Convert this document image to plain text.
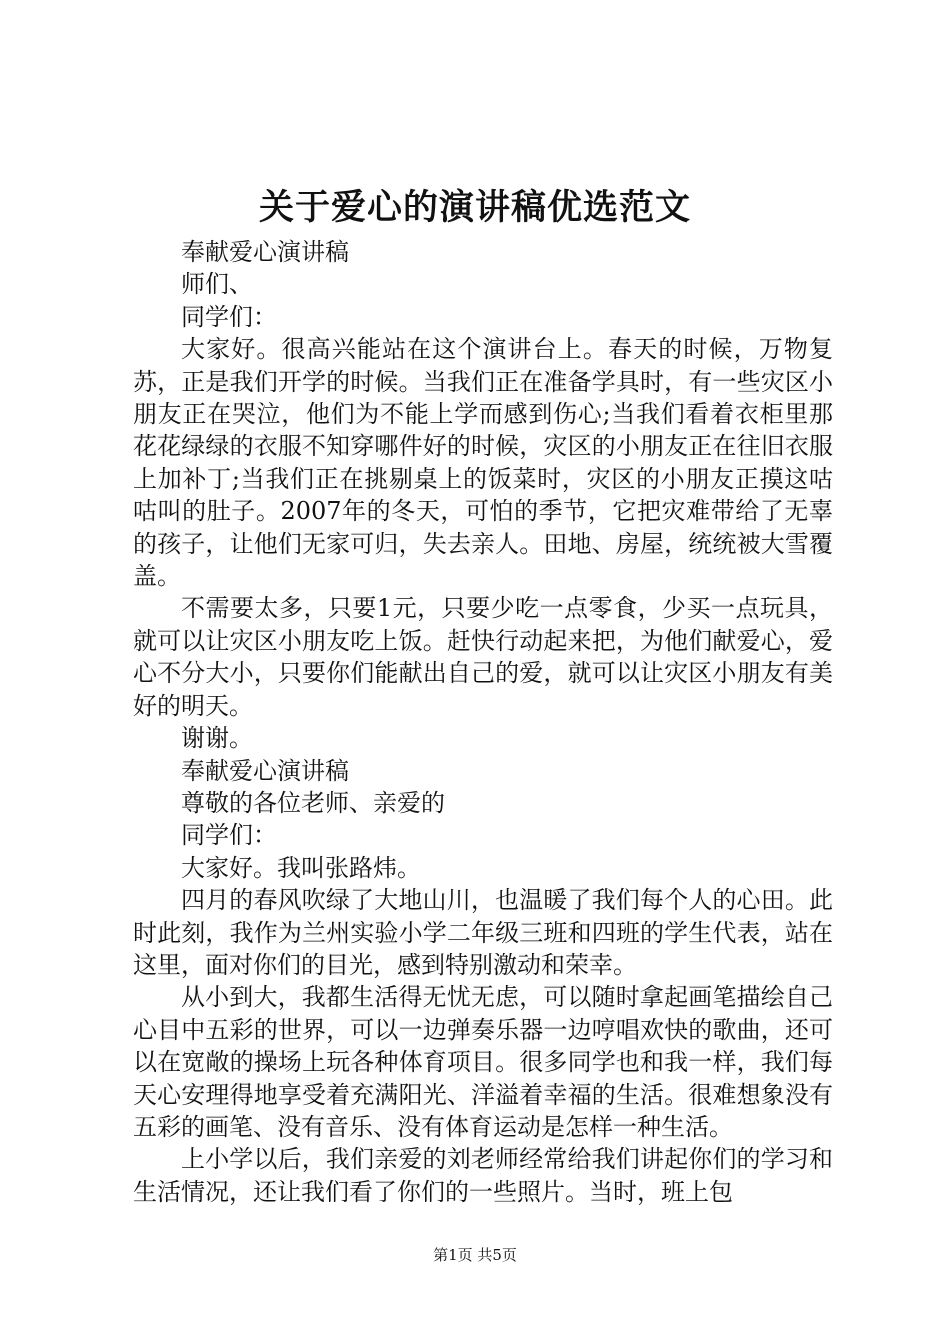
关于爱心的演讲稿优选范文

奉献爱心演讲稿

师们、

同学们：

大家好。很高兴能站在这个演讲台上。春天的时候，万物复苏，正是我们开学的时候。当我们正在准备学具时，有一些灾区小朋友正在哭泣，他们为不能上学而感到伤心;当我们看着衣柜里那花花绿绿的衣服不知穿哪件好的时候，灾区的小朋友正在往旧衣服上加补丁;当我们正在挑剔桌上的饭菜时，灾区的小朋友正摸这咕咕叫的肚子。2007年的冬天，可怕的季节，它把灾难带给了无辜的孩子，让他们无家可归，失去亲人。田地、房屋，统统被大雪覆盖。

不需要太多，只要1元，只要少吃一点零食，少买一点玩具，就可以让灾区小朋友吃上饭。赶快行动起来把，为他们献爱心，爱心不分大小，只要你们能献出自己的爱，就可以让灾区小朋友有美好的明天。

谢谢。

奉献爱心演讲稿

尊敬的各位老师、亲爱的

同学们：

大家好。我叫张路炜。

四月的春风吹绿了大地山川，也温暖了我们每个人的心田。此时此刻，我作为兰州实验小学二年级三班和四班的学生代表，站在这里，面对你们的目光，感到特别激动和荣幸。

从小到大，我都生活得无忧无虑，可以随时拿起画笔描绘自己心目中五彩的世界，可以一边弹奏乐器一边哼唱欢快的歌曲，还可以在宽敞的操场上玩各种体育项目。很多同学也和我一样，我们每天心安理得地享受着充满阳光、洋溢着幸福的生活。很难想象没有五彩的画笔、没有音乐、没有体育运动是怎样一种生活。

上小学以后，我们亲爱的刘老师经常给我们讲起你们的学习和生活情况，还让我们看了你们的一些照片。当时，班上包

第1页 共5页
